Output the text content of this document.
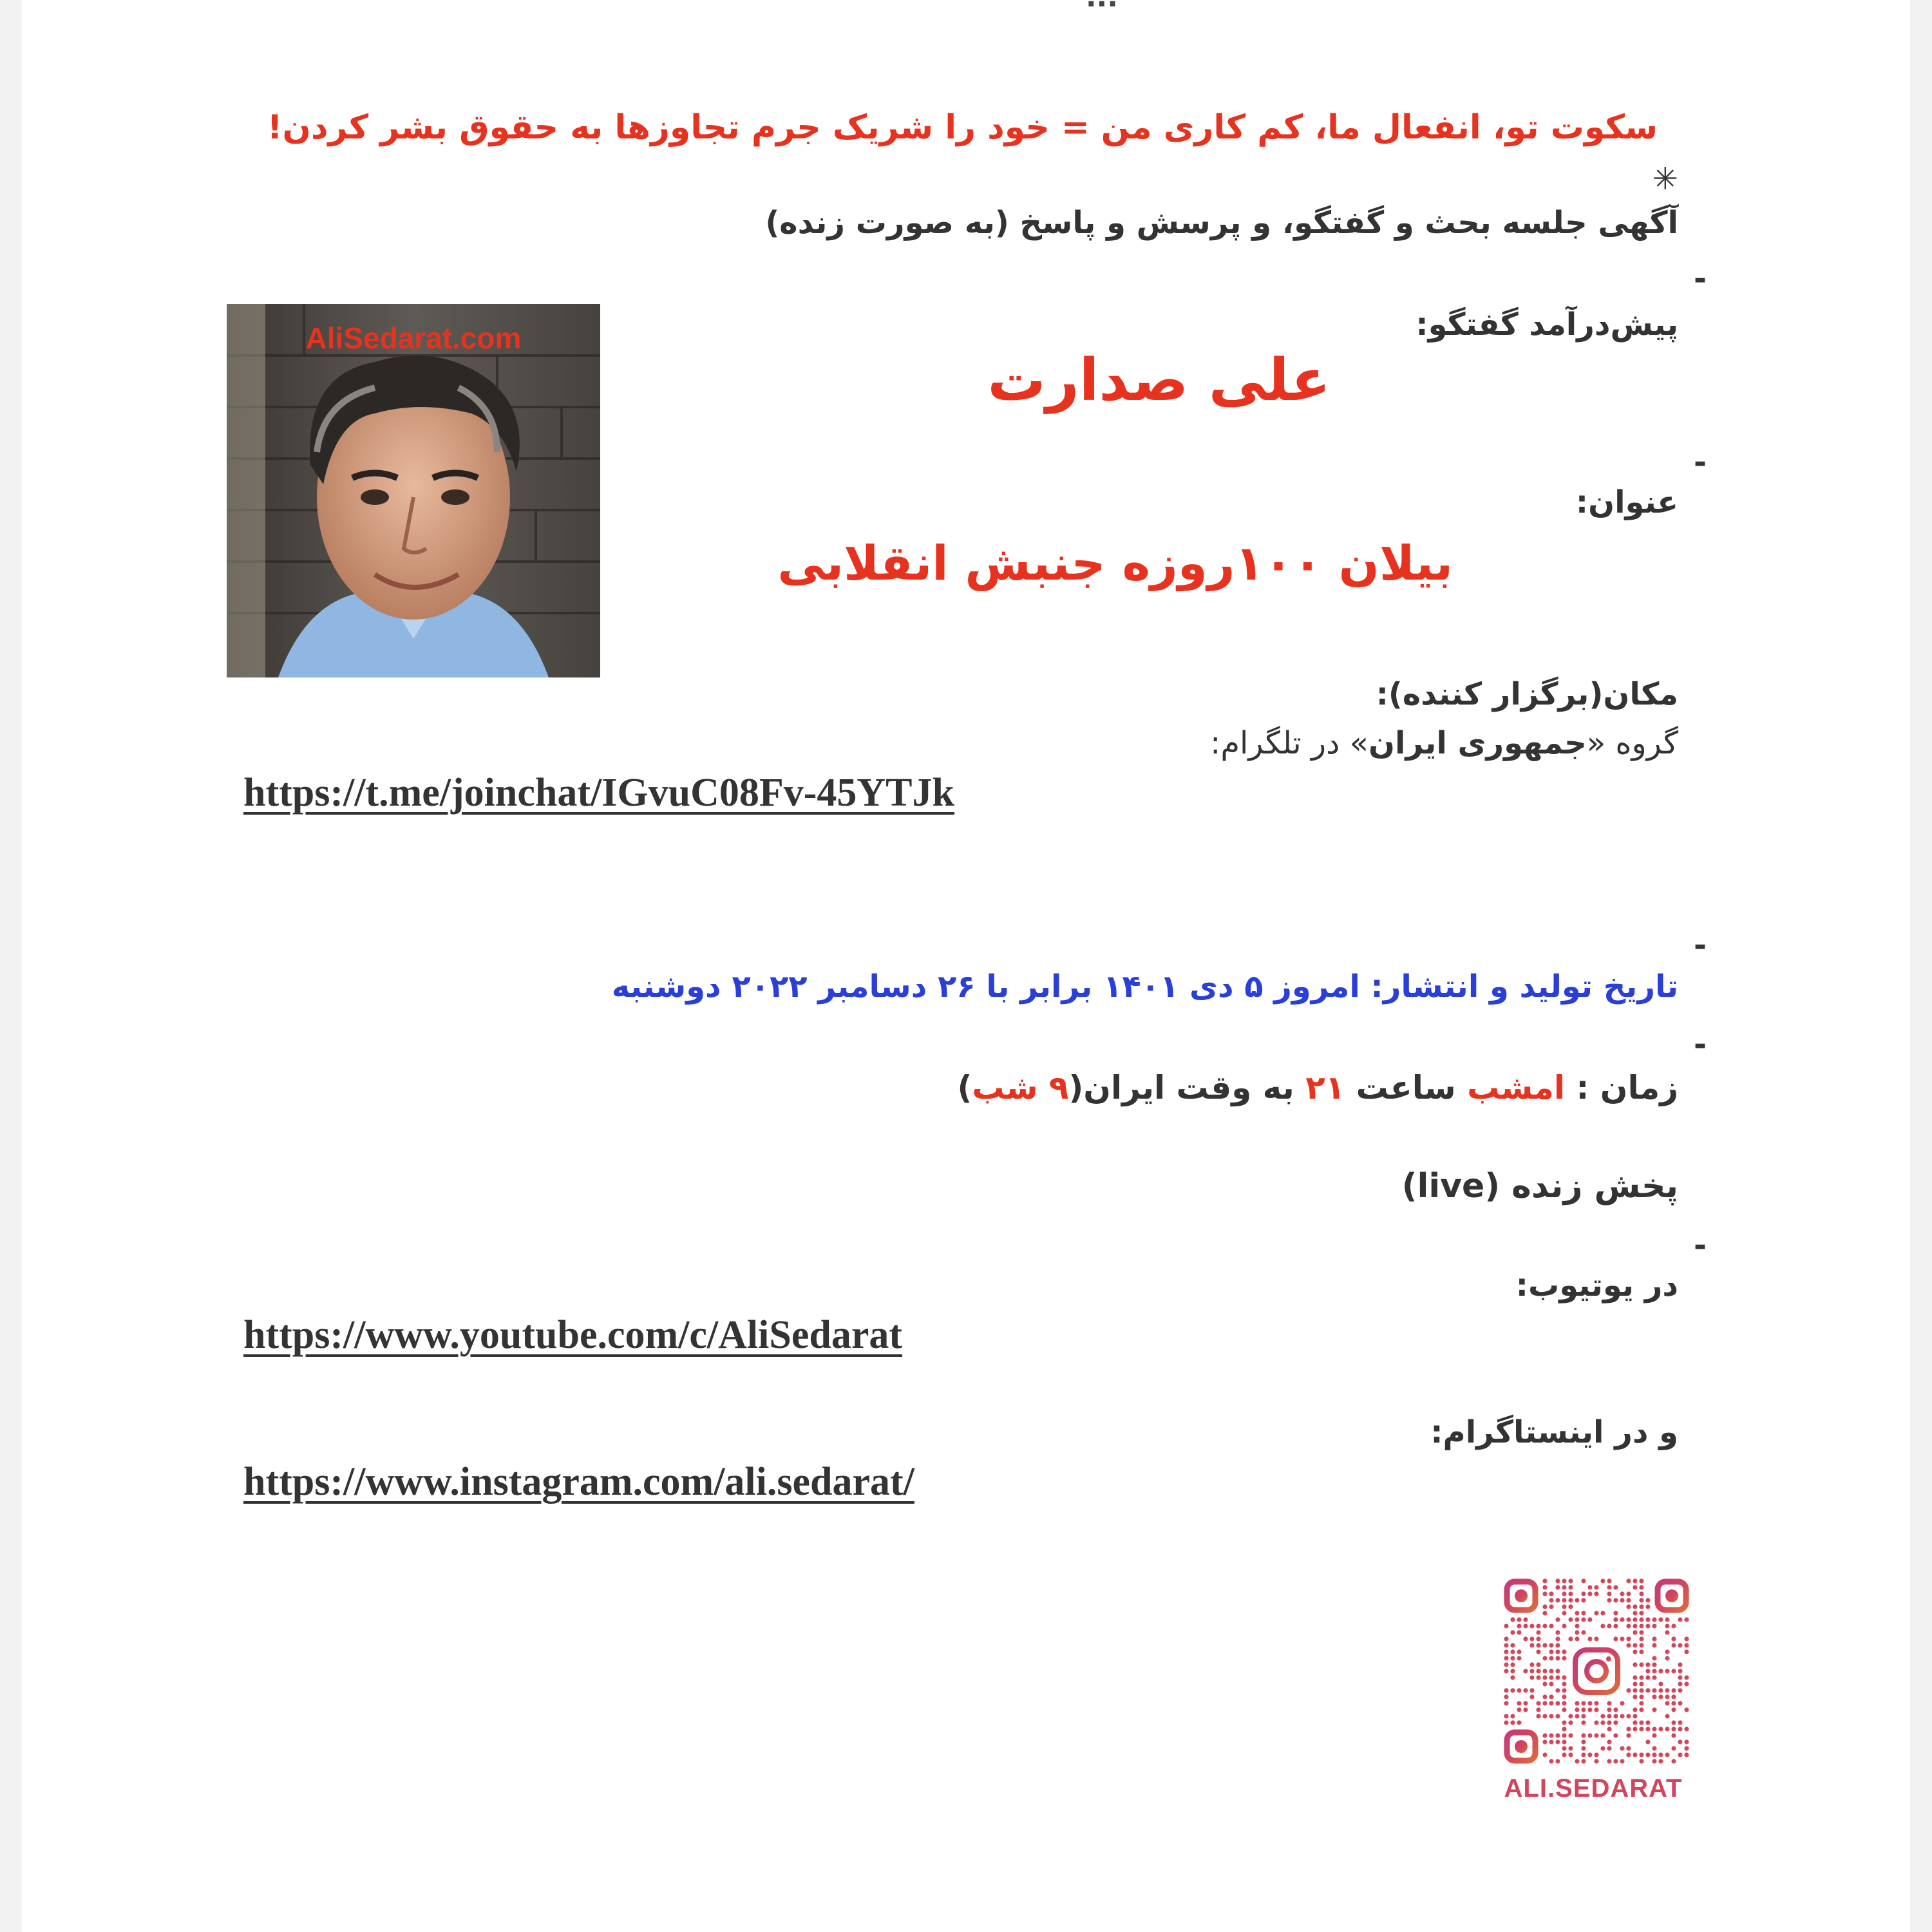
سکوت تو، انفعال ما، کم کاری من = خود را شریک جرم تجاوزها به حقوق بشر کردن!
✳
آگهی جلسه بحث و گفتگو، و پرسش و پاسخ (به صورت زنده)
-
پیش‌درآمد گفتگو:
AliSedarat.com
علی صدارت
-
عنوان:
بیلان ۱۰۰روزه جنبش انقلابی
مکان(برگزار کننده):
گروه «جمهوری ایران» در تلگرام:
https://t.me/joinchat/IGvuC08Fv-45YTJk
-
تاریخ تولید و انتشار: امروز ۵ دی ۱۴۰۱ برابر با ۲۶ دسامبر ۲۰۲۲ دوشنبه
-
زمان : امشب ساعت ۲۱ به وقت ایران(۹ شب)
پخش زنده (live)
-
در یوتیوب:
https://www.youtube.com/c/AliSedarat
و در اینستاگرام:
https://www.instagram.com/ali.sedarat/
ALI.SEDARAT
